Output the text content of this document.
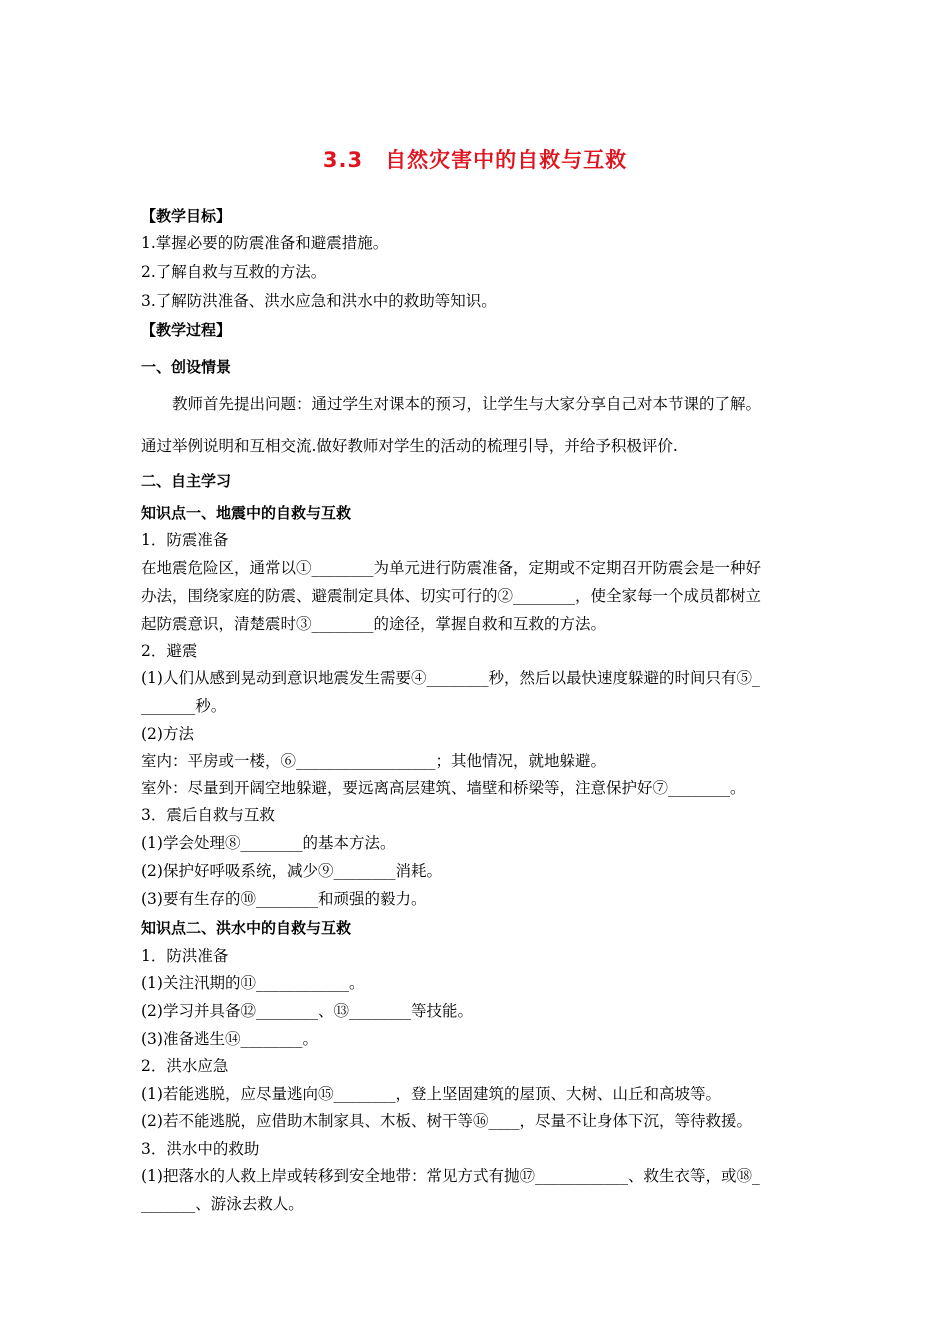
3.3　自然灾害中的自救与互救
【教学目标】
1.掌握必要的防震准备和避震措施。
2.了解自救与互救的方法。
3.了解防洪准备、洪水应急和洪水中的救助等知识。
【教学过程】
一、创设情景
教师首先提出问题：通过学生对课本的预习，让学生与大家分享自己对本节课的了解。
通过举例说明和互相交流.做好教师对学生的活动的梳理引导，并给予积极评价.
二、自主学习
知识点一、地震中的自救与互救
1．防震准备
在地震危险区，通常以①________为单元进行防震准备，定期或不定期召开防震会是一种好
办法，围绕家庭的防震、避震制定具体、切实可行的②________，使全家每一个成员都树立
起防震意识，清楚震时③________的途径，掌握自救和互救的方法。
2．避震
(1)人们从感到晃动到意识地震发生需要④________秒，然后以最快速度躲避的时间只有⑤_
_______秒。
(2)方法
室内：平房或一楼，⑥__________________；其他情况，就地躲避。
室外：尽量到开阔空地躲避，要远离高层建筑、墙壁和桥梁等，注意保护好⑦________。
3．震后自救与互救
(1)学会处理⑧________的基本方法。
(2)保护好呼吸系统，减少⑨________消耗。
(3)要有生存的⑩________和顽强的毅力。
知识点二、洪水中的自救与互救
1．防洪准备
(1)关注汛期的⑪____________。
(2)学习并具备⑫________、⑬________等技能。
(3)准备逃生⑭________。
2．洪水应急
(1)若能逃脱，应尽量逃向⑮________，登上坚固建筑的屋顶、大树、山丘和高坡等。
(2)若不能逃脱，应借助木制家具、木板、树干等⑯____，尽量不让身体下沉，等待救援。
3．洪水中的救助
(1)把落水的人救上岸或转移到安全地带：常见方式有抛⑰____________、救生衣等，或⑱_
_______、游泳去救人。
